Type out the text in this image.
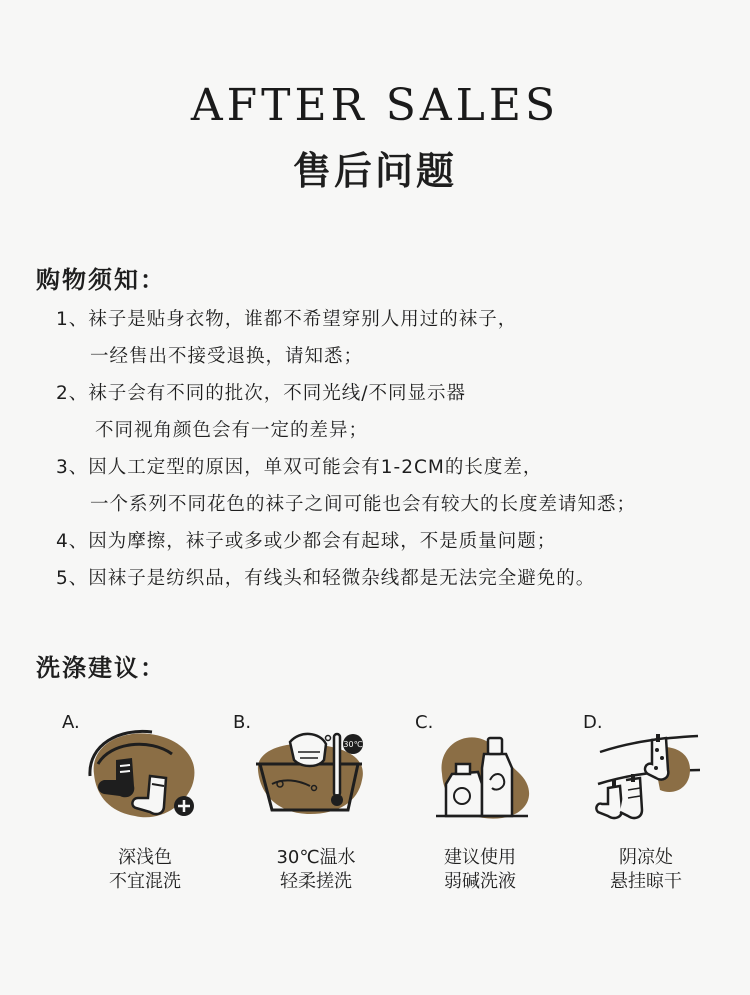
AFTER SALES
售后问题
购物须知：
1、袜子是贴身衣物，谁都不希望穿别人用过的袜子，
一经售出不接受退换，请知悉；
2、袜子会有不同的批次，不同光线/不同显示器
不同视角颜色会有一定的差异；
3、因人工定型的原因，单双可能会有1-2CM的长度差，
一个系列不同花色的袜子之间可能也会有较大的长度差请知悉；
4、因为摩擦，袜子或多或少都会有起球，不是质量问题；
5、因袜子是纺织品，有线头和轻微杂线都是无法完全避免的。
洗涤建议：
A.
深浅色
不宜混洗
B.
30℃
30℃温水
轻柔搓洗
C.
建议使用
弱碱洗液
D.
阴凉处
悬挂晾干
